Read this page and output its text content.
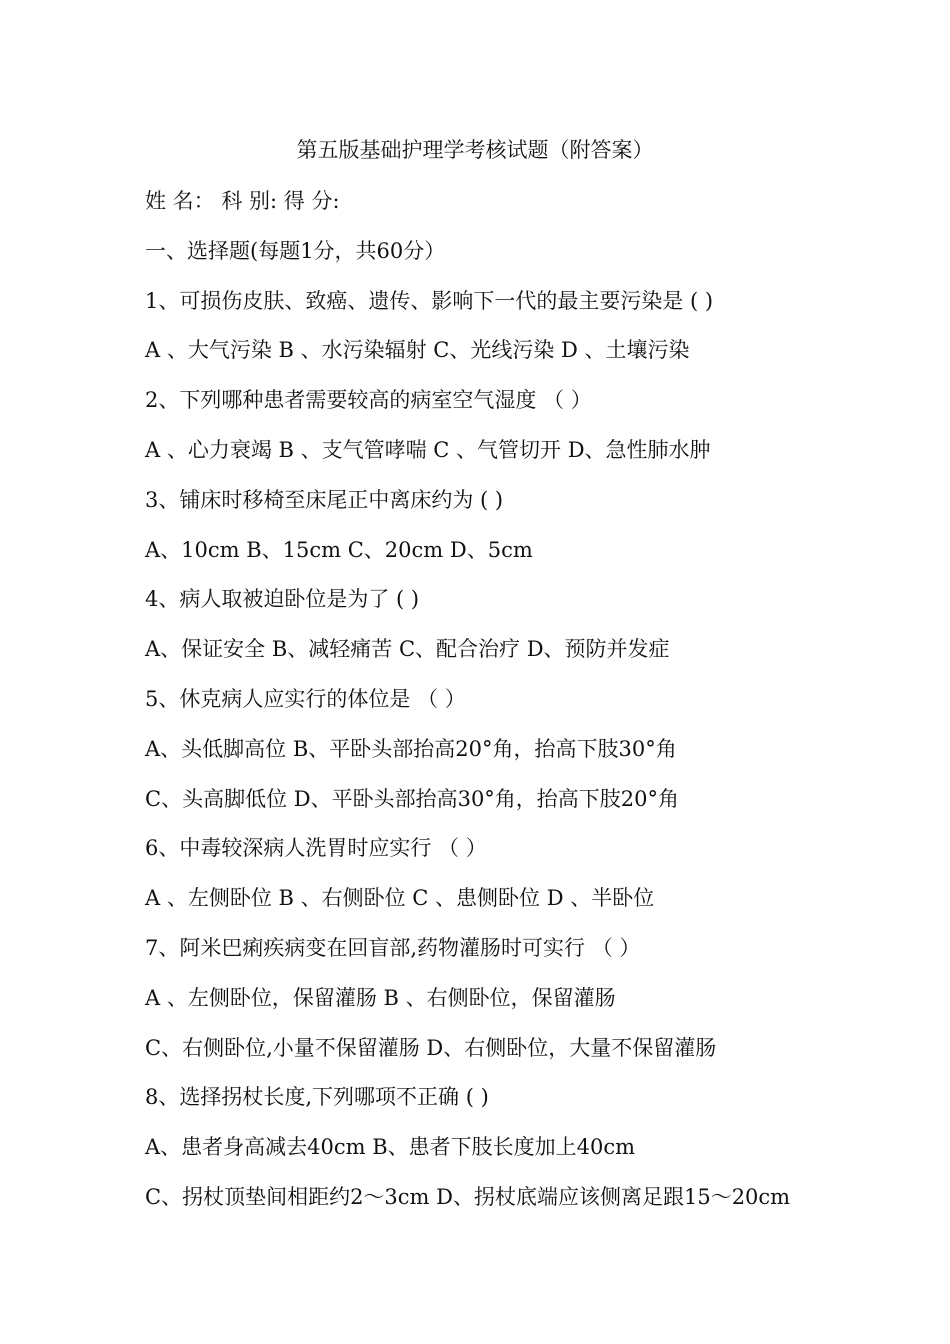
第五版基础护理学考核试题（附答案）
姓 名： 科 别: 得 分:
一、选择题(每题1分，共60分）
1、可损伤皮肤、致癌、遗传、影响下一代的最主要污染是 ( )
A 、大气污染 B 、水污染辐射 C、光线污染 D 、土壤污染
2、下列哪种患者需要较高的病室空气湿度 （ ）
A 、心力衰竭 B 、支气管哮喘 C 、气管切开 D、急性肺水肿
3、铺床时移椅至床尾正中离床约为 ( )
A、10cm B、15cm C、20cm D、5cm
4、病人取被迫卧位是为了 ( )
A、保证安全 B、减轻痛苦 C、配合治疗 D、预防并发症
5、休克病人应实行的体位是 （ ）
A、头低脚高位 B、平卧头部抬高20°角，抬高下肢30°角
C、头高脚低位 D、平卧头部抬高30°角，抬高下肢20°角
6、中毒较深病人洗胃时应实行 （ ）
A 、左侧卧位 B 、右侧卧位 C 、患侧卧位 D 、半卧位
7、阿米巴痢疾病变在回盲部,药物灌肠时可实行 （ ）
A 、左侧卧位，保留灌肠 B 、右侧卧位，保留灌肠
C、右侧卧位,小量不保留灌肠 D、右侧卧位，大量不保留灌肠
8、选择拐杖长度,下列哪项不正确 ( )
A、患者身高减去40cm B、患者下肢长度加上40cm
C、拐杖顶垫间相距约2～3cm D、拐杖底端应该侧离足跟15～20cm
